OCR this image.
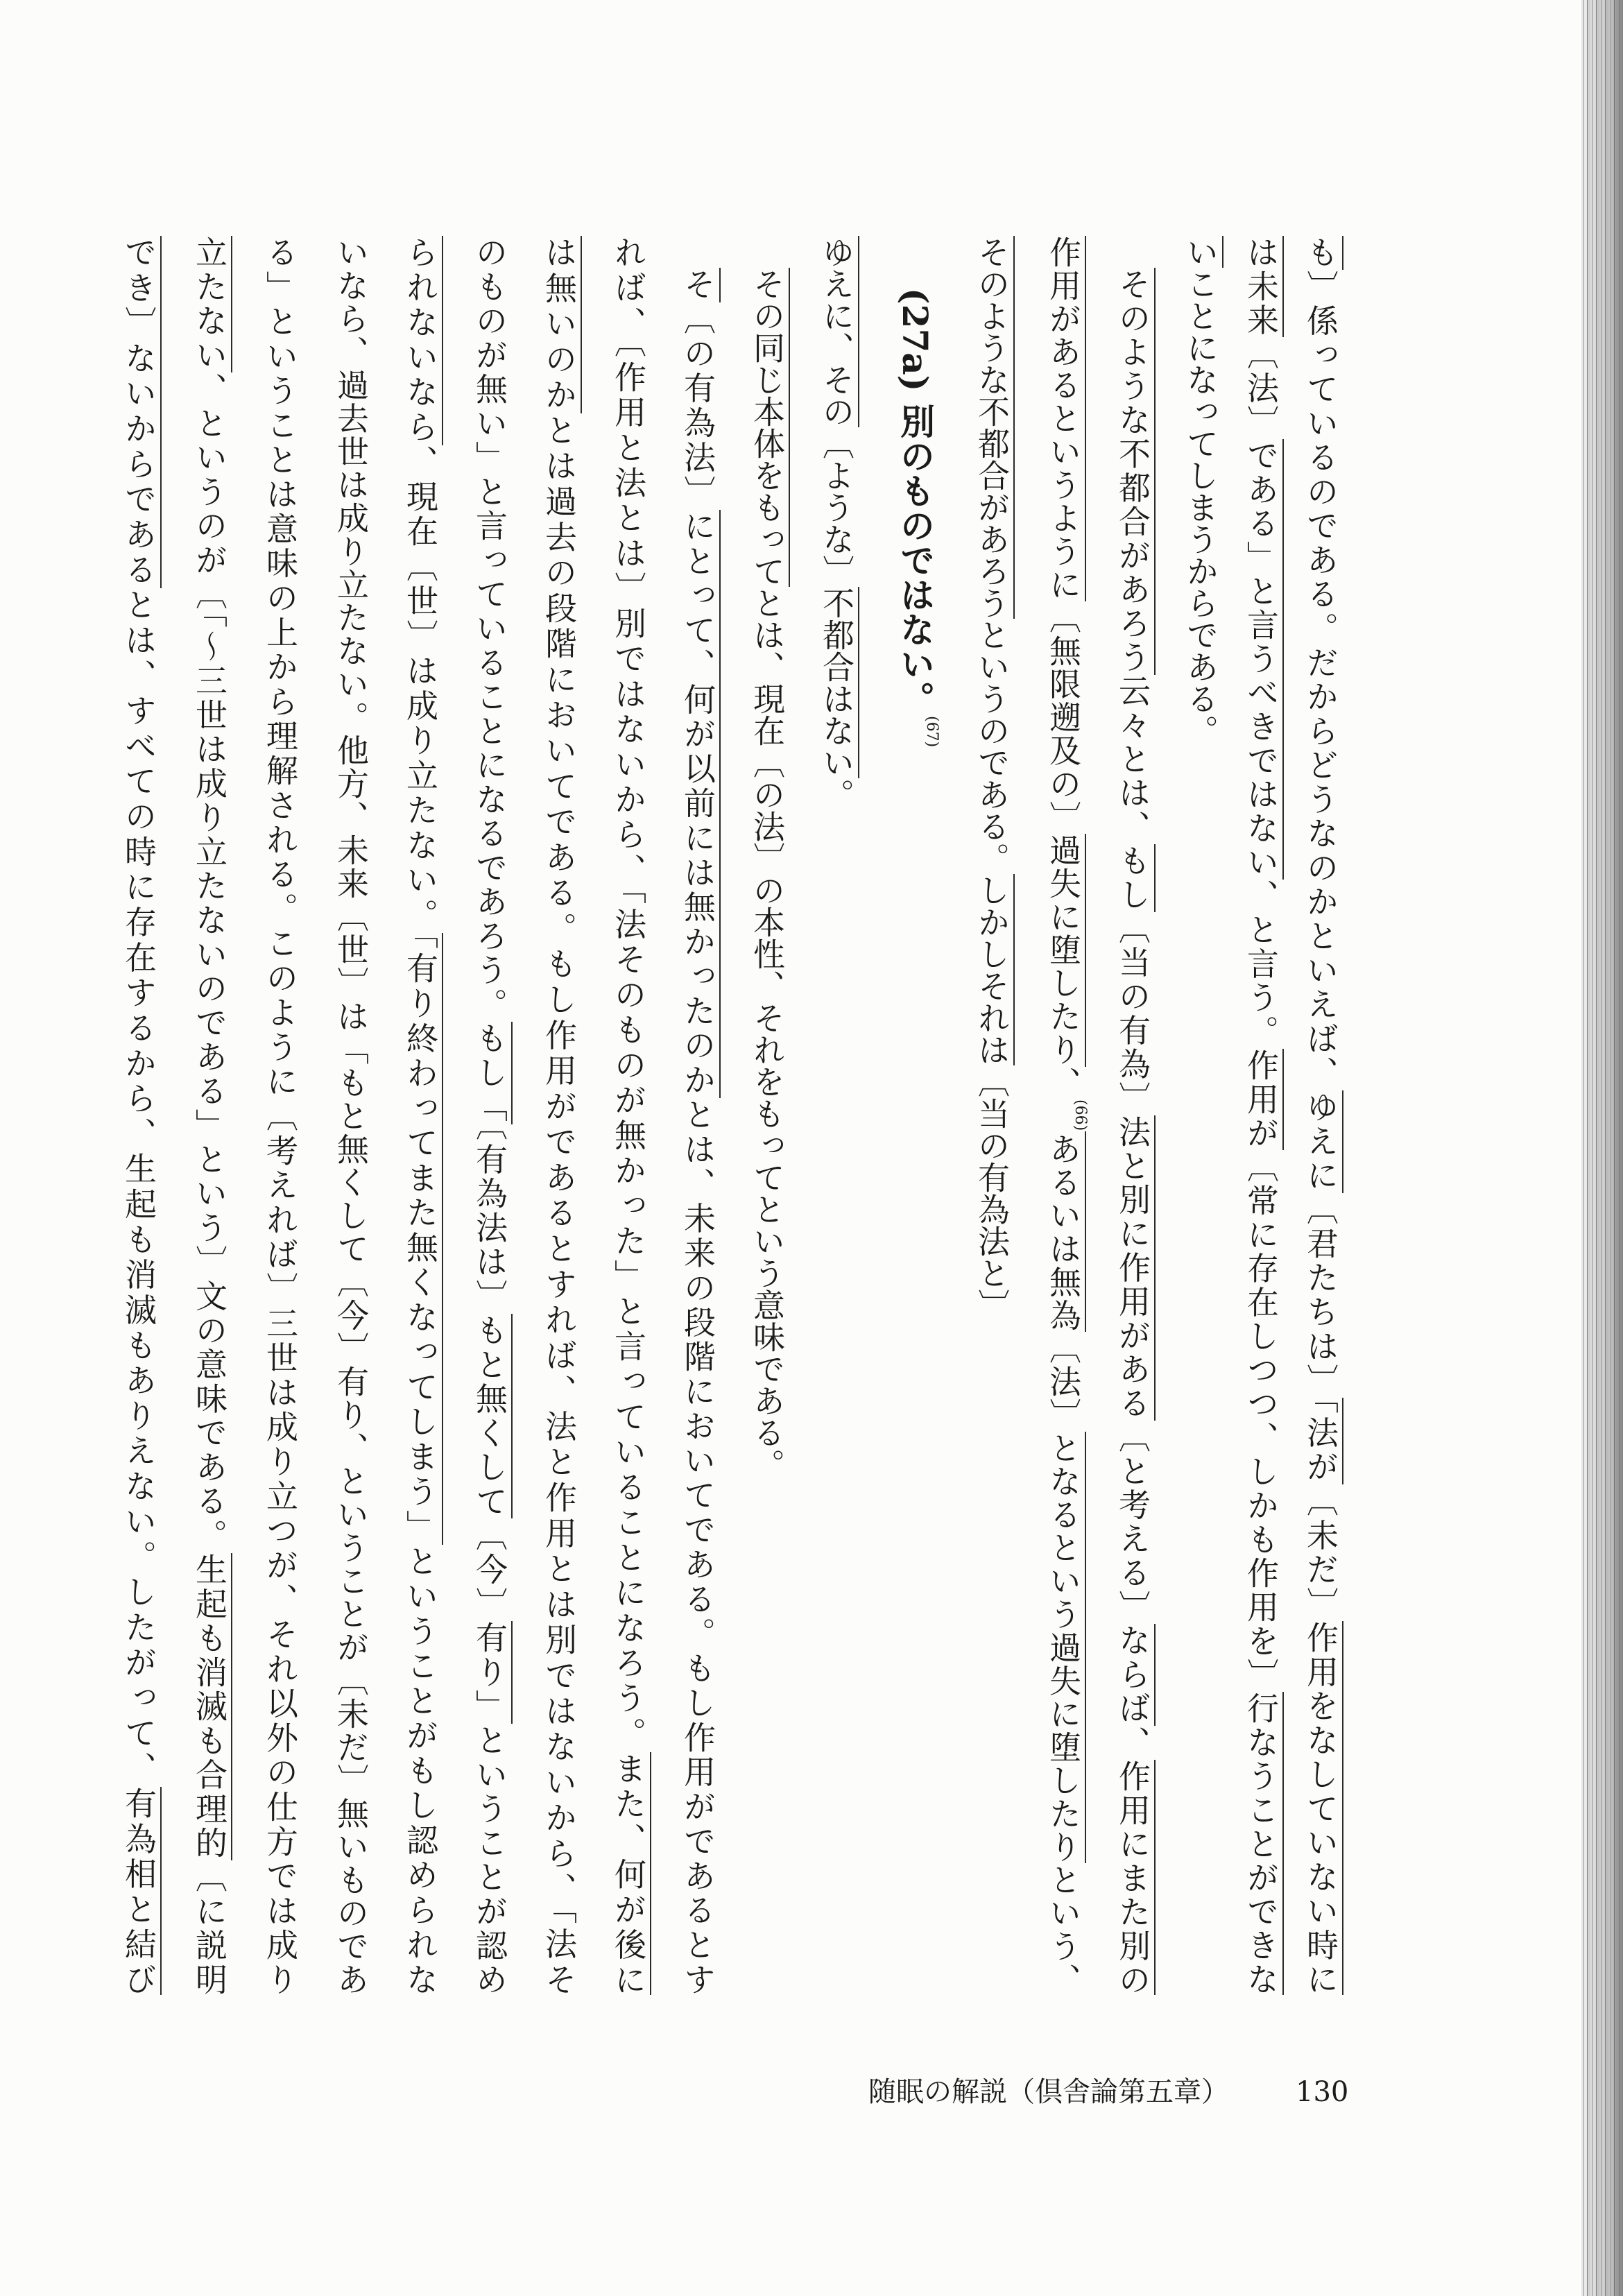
も〕係っているのである。だからどうなのかといえば、ゆえに〔君たちは〕「法が〔未だ〕作用をなしていない時に
は未来〔法〕である」と言うべきではない、と言う。作用が〔常に存在しつつ、しかも作用を〕行なうことができな
いことになってしまうからである。
そのような不都合があろう云々とは、もし〔当の有為〕法と別に作用がある〔と考える〕ならば、作用にまた別の
作用があるというように〔無限遡及の〕過失に堕したり、(66)あるいは無為〔法〕となるという過失に堕したりという、
そのような不都合があろうというのである。しかしそれは〔当の有為法と〕
(27a)別のものではない。(67)
ゆえに、その〔ような〕不都合はない。
その同じ本体をもってとは、現在〔の法〕の本性、それをもってという意味である。
そ〔の有為法〕にとって、何が以前には無かったのかとは、未来の段階においてである。もし作用がであるとす
れば、〔作用と法とは〕別ではないから、「法そのものが無かった」と言っていることになろう。また、何が後に
は無いのかとは過去の段階においてである。もし作用がであるとすれば、法と作用とは別ではないから、「法そ
のものが無い」と言っていることになるであろう。もし「〔有為法は〕もと無くして〔今〕有り」ということが認め
られないなら、現在〔世〕は成り立たない。「有り終わってまた無くなってしまう」ということがもし認められな
いなら、過去世は成り立たない。他方、未来〔世〕は「もと無くして〔今〕有り、ということが〔未だ〕無いものであ
る」ということは意味の上から理解される。このように〔考えれば〕三世は成り立つが、それ以外の仕方では成り
立たない、というのが〔「～三世は成り立たないのである」という〕文の意味である。生起も消滅も合理的〔に説明
でき〕ないからであるとは、すべての時に存在するから、生起も消滅もありえない。したがって、有為相と結び
随眠の解説（倶舎論第五章） 130
